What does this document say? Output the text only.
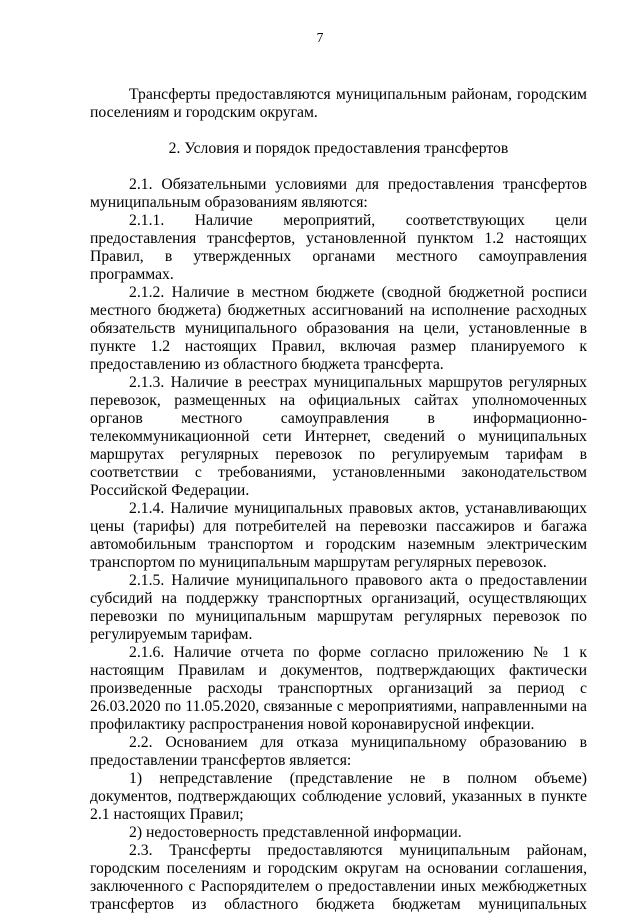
7

Трансферты предоставляются муниципальным районам, городским поселениям и городским округам.

2. Условия и порядок предоставления трансфертов

2.1. Обязательными условиями для предоставления трансфертов муниципальным образованиям являются:

2.1.1. Наличие мероприятий, соответствующих цели предоставления трансфертов, установленной пунктом 1.2 настоящих Правил, в утвержденных органами местного самоуправления программах.

2.1.2. Наличие в местном бюджете (сводной бюджетной росписи местного бюджета) бюджетных ассигнований на исполнение расходных обязательств муниципального образования на цели, установленные в пункте 1.2 настоящих Правил, включая размер планируемого к предоставлению из областного бюджета трансферта.

2.1.3. Наличие в реестрах муниципальных маршрутов регулярных перевозок, размещенных на официальных сайтах уполномоченных органов местного самоуправления в информационно-телекоммуникационной сети Интернет, сведений о муниципальных маршрутах регулярных перевозок по регулируемым тарифам в соответствии с требованиями, установленными законодательством Российской Федерации.

2.1.4. Наличие муниципальных правовых актов, устанавливающих цены (тарифы) для потребителей на перевозки пассажиров и багажа автомобильным транспортом и городским наземным электрическим транспортом по муниципальным маршрутам регулярных перевозок.

2.1.5. Наличие муниципального правового акта о предоставлении субсидий на поддержку транспортных организаций, осуществляющих перевозки по муниципальным маршрутам регулярных перевозок по регулируемым тарифам.

2.1.6. Наличие отчета по форме согласно приложению № 1 к настоящим Правилам и документов, подтверждающих фактически произведенные расходы транспортных организаций за период с 26.03.2020 по 11.05.2020, связанные с мероприятиями, направленными на профилактику распространения новой коронавирусной инфекции.

2.2. Основанием для отказа муниципальному образованию в предоставлении трансфертов является:

1) непредставление (представление не в полном объеме) документов, подтверждающих соблюдение условий, указанных в пункте 2.1 настоящих Правил;

2) недостоверность представленной информации.

2.3. Трансферты предоставляются муниципальным районам, городским поселениям и городским округам на основании соглашения, заключенного с Распорядителем о предоставлении иных межбюджетных трансфертов из областного бюджета бюджетам муниципальных
